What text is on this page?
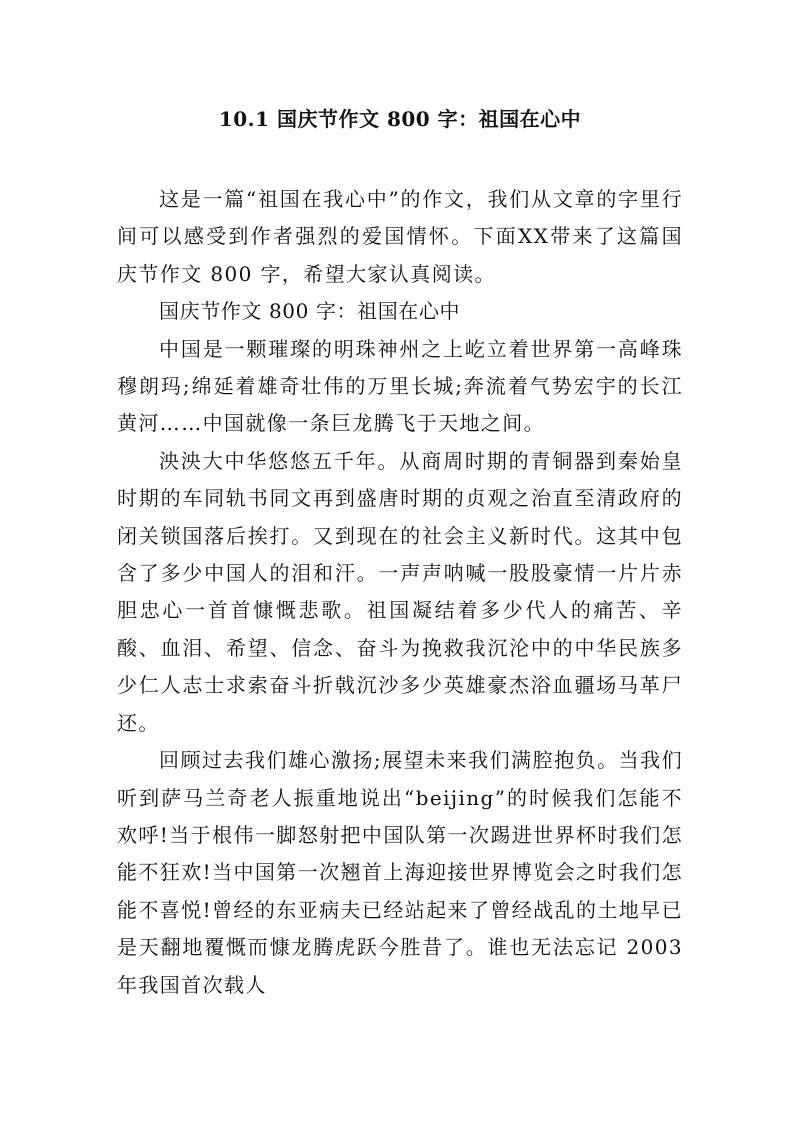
10.1 国庆节作文 800 字：祖国在心中

这是一篇“祖国在我心中”的作文，我们从文章的字里行间可以感受到作者强烈的爱国情怀。下面XX带来了这篇国庆节作文 800 字，希望大家认真阅读。

国庆节作文 800 字：祖国在心中

中国是一颗璀璨的明珠神州之上屹立着世界第一高峰珠穆朗玛;绵延着雄奇壮伟的万里长城;奔流着气势宏宇的长江黄河……中国就像一条巨龙腾飞于天地之间。

泱泱大中华悠悠五千年。从商周时期的青铜器到秦始皇时期的车同轨书同文再到盛唐时期的贞观之治直至清政府的闭关锁国落后挨打。又到现在的社会主义新时代。这其中包含了多少中国人的泪和汗。一声声呐喊一股股豪情一片片赤胆忠心一首首慷慨悲歌。祖国凝结着多少代人的痛苦、辛酸、血泪、希望、信念、奋斗为挽救我沉沦中的中华民族多少仁人志士求索奋斗折戟沉沙多少英雄豪杰浴血疆场马革尸还。

回顾过去我们雄心激扬;展望未来我们满腔抱负。当我们听到萨马兰奇老人振重地说出“beijing”的时候我们怎能不欢呼!当于根伟一脚怒射把中国队第一次踢进世界杯时我们怎能不狂欢!当中国第一次翘首上海迎接世界博览会之时我们怎能不喜悦!曾经的东亚病夫已经站起来了曾经战乱的土地早已是天翻地覆慨而慷龙腾虎跃今胜昔了。谁也无法忘记 2003 年我国首次载人
